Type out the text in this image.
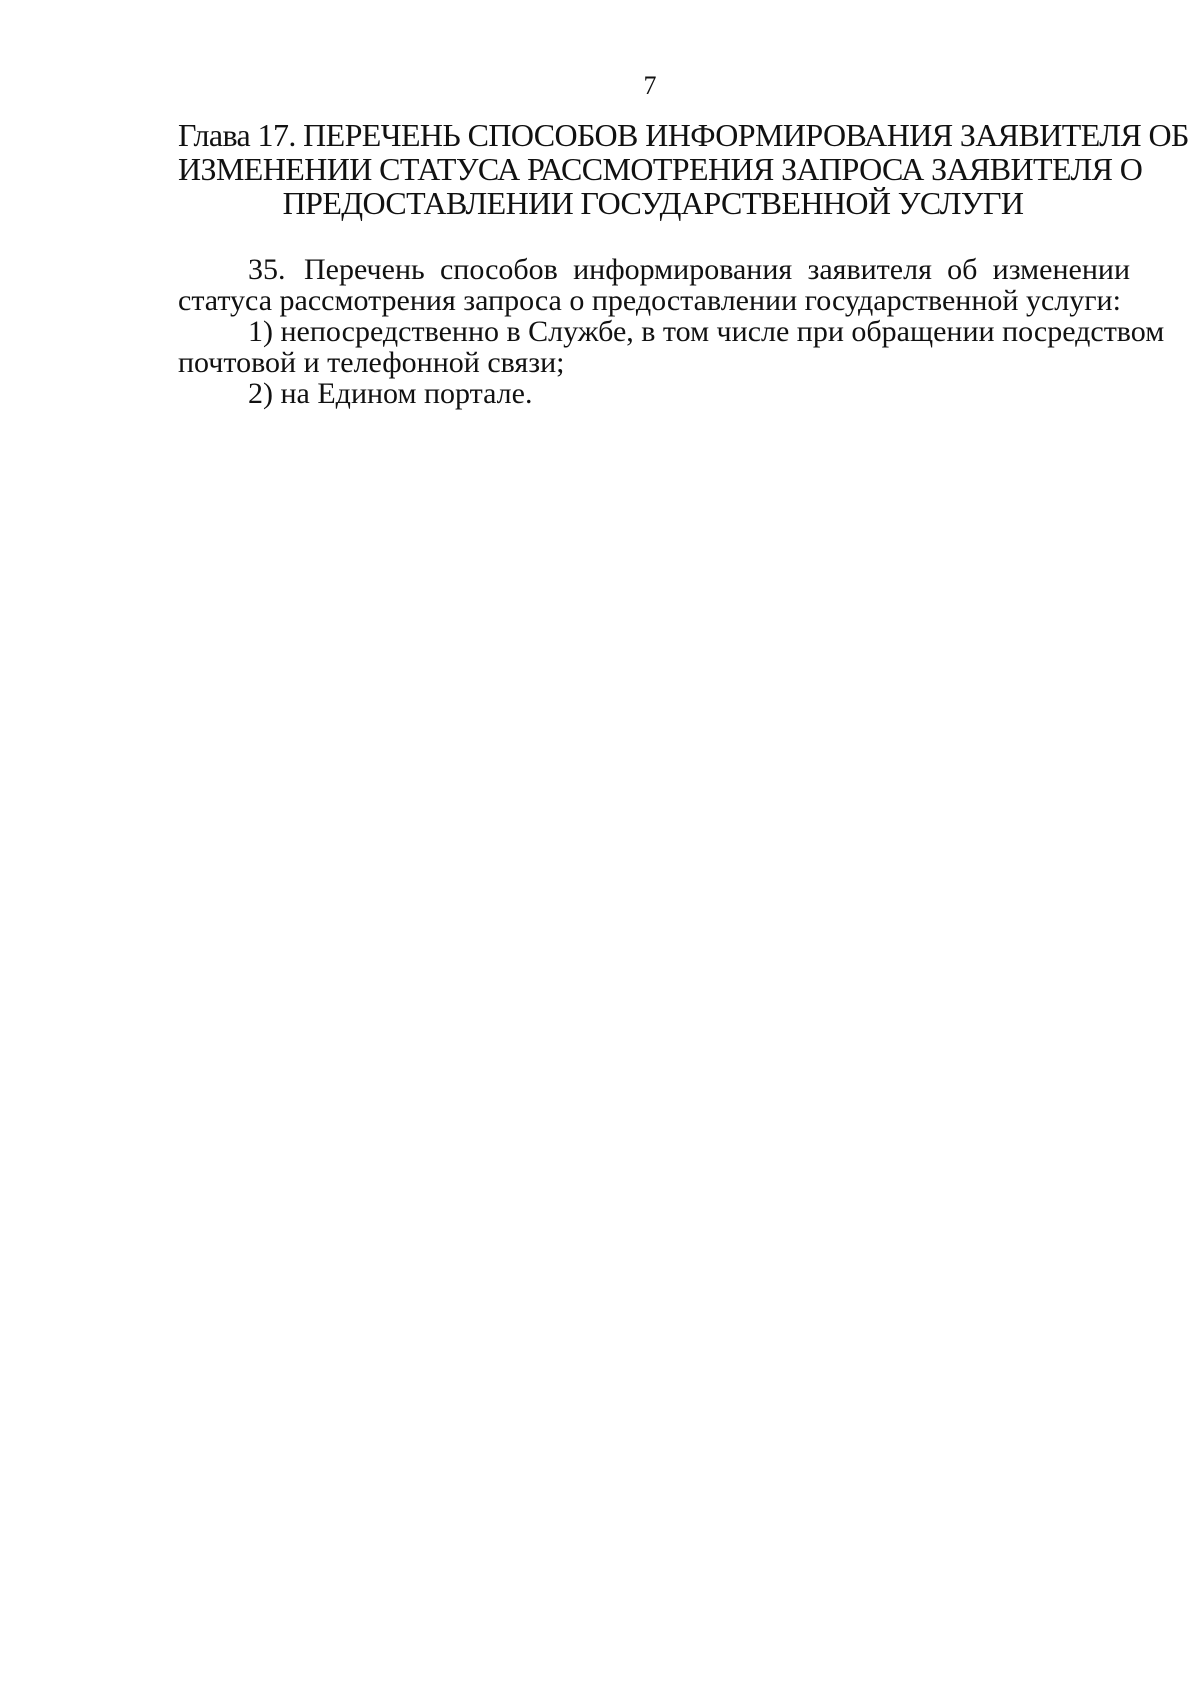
7
Глава 17. ПЕРЕЧЕНЬ СПОСОБОВ ИНФОРМИРОВАНИЯ ЗАЯВИТЕЛЯ ОБ
ИЗМЕНЕНИИ СТАТУСА РАССМОТРЕНИЯ ЗАПРОСА ЗАЯВИТЕЛЯ О
ПРЕДОСТАВЛЕНИИ ГОСУДАРСТВЕННОЙ УСЛУГИ
35. Перечень способов информирования заявителя об изменении
статуса рассмотрения запроса о предоставлении государственной услуги:
1) непосредственно в Службе, в том числе при обращении посредством
почтовой и телефонной связи;
2) на Едином портале.
